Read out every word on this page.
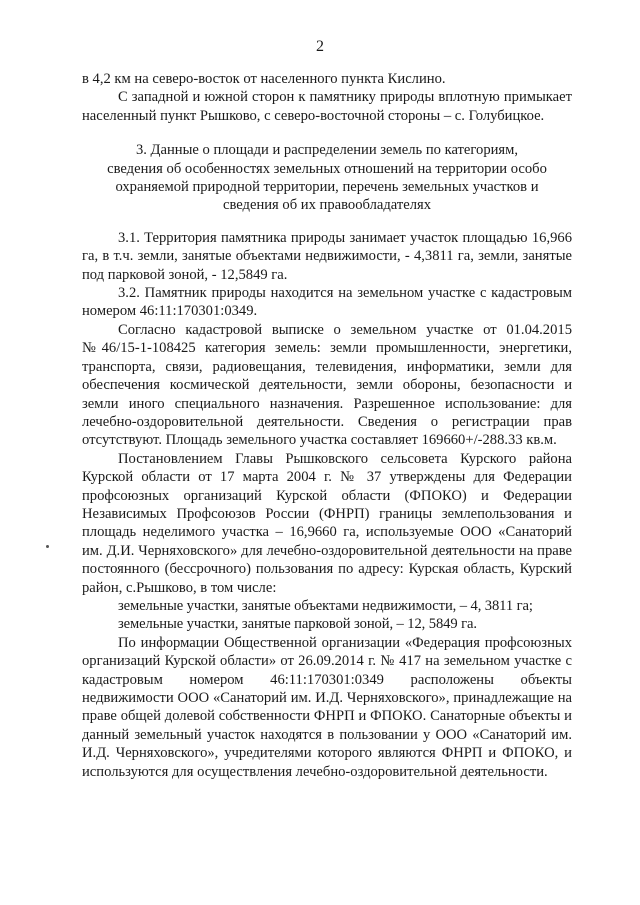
2

в 4,2 км на северо-восток от населенного пункта Кислино.

С западной и южной сторон к памятнику природы вплотную примыкает населенный пункт Рышково, с северо-восточной стороны – с. Голубицкое.

3. Данные о площади и распределении земель по категориям,
сведения об особенностях земельных отношений на территории особо
охраняемой природной территории, перечень земельных участков и
сведения об их правообладателях

3.1. Территория памятника природы занимает участок площадью 16,966 га, в т.ч. земли, занятые объектами недвижимости, - 4,3811 га, земли, занятые под парковой зоной, - 12,5849 га.

3.2. Памятник природы находится на земельном участке с кадастровым номером 46:11:170301:0349.

Согласно кадастровой выписке о земельном участке от 01.04.2015 №46/15-1-108425 категория земель: земли промышленности, энергетики, транспорта, связи, радиовещания, телевидения, информатики, земли для обеспечения космической деятельности, земли обороны, безопасности и земли иного специального назначения. Разрешенное использование: для лечебно-оздоровительной деятельности. Сведения о регистрации прав отсутствуют. Площадь земельного участка составляет 169660+/-288.33 кв.м.

Постановлением Главы Рышковского сельсовета Курского района Курской области от 17 марта 2004 г. № 37 утверждены для Федерации профсоюзных организаций Курской области (ФПОКО) и Федерации Независимых Профсоюзов России (ФНРП) границы землепользования и площадь неделимого участка – 16,9660 га, используемые ООО «Санаторий им. Д.И. Черняховского» для лечебно-оздоровительной деятельности на праве постоянного (бессрочного) пользования по адресу: Курская область, Курский район, с.Рышково, в том числе:

земельные участки, занятые объектами недвижимости, – 4, 3811 га;

земельные участки, занятые парковой зоной, – 12, 5849 га.

По информации Общественной организации «Федерация профсоюзных организаций Курской области» от 26.09.2014 г. № 417 на земельном участке с кадастровым номером 46:11:170301:0349 расположены объекты недвижимости ООО «Санаторий им. И.Д. Черняховского», принадлежащие на праве общей долевой собственности ФНРП и ФПОКО. Санаторные объекты и данный земельный участок находятся в пользовании у ООО «Санаторий им. И.Д. Черняховского», учредителями которого являются ФНРП и ФПОКО, и используются для осуществления лечебно-оздоровительной деятельности.
